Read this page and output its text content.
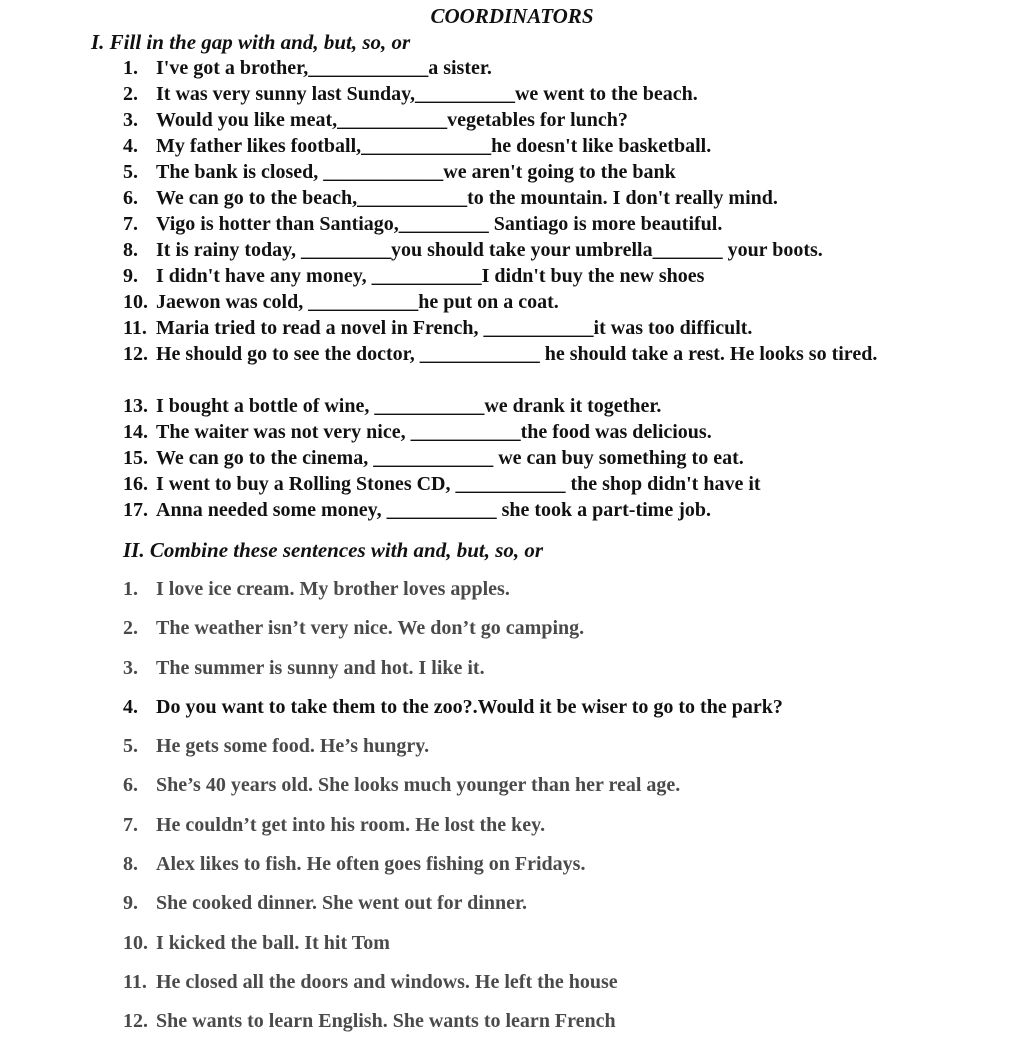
COORDINATORS
I. Fill in the gap with and, but, so, or
1. I've got a brother,____________a sister.
2. It was very sunny last Sunday,__________we went to the beach.
3. Would you like meat,___________vegetables for lunch?
4. My father likes football,_____________he doesn't like basketball.
5. The bank is closed, ____________we aren't going to the bank
6. We can go to the beach,___________to the mountain. I don't really mind.
7. Vigo is hotter than Santiago,_________ Santiago is more beautiful.
8. It is rainy today, _________you should take your umbrella_______ your boots.
9. I didn't have any money, ___________I didn't buy the new shoes
10. Jaewon was cold, ___________he put on a coat.
11. Maria tried to read a novel in French, ___________it was too difficult.
12. He should go to see the doctor, ____________ he should take a rest. He looks so tired.
13. I bought a bottle of wine, ___________we drank it together.
14. The waiter was not very nice, ___________the food was delicious.
15. We can go to the cinema, ____________ we can buy something to eat.
16. I went to buy a Rolling Stones CD, ___________ the shop didn't have it
17. Anna needed some money, ___________ she took a part-time job.
II. Combine these sentences with and, but, so, or
1. I love ice cream. My brother loves apples.
2. The weather isn’t very nice. We don’t go camping.
3. The summer is sunny and hot. I like it.
4. Do you want to take them to the zoo?.Would it be wiser to go to the park?
5. He gets some food. He’s hungry.
6. She’s 40 years old. She looks much younger than her real age.
7. He couldn’t get into his room. He lost the key.
8. Alex likes to fish. He often goes fishing on Fridays.
9. She cooked dinner. She went out for dinner.
10. I kicked the ball. It hit Tom
11. He closed all the doors and windows. He left the house
12. She wants to learn English. She wants to learn French
